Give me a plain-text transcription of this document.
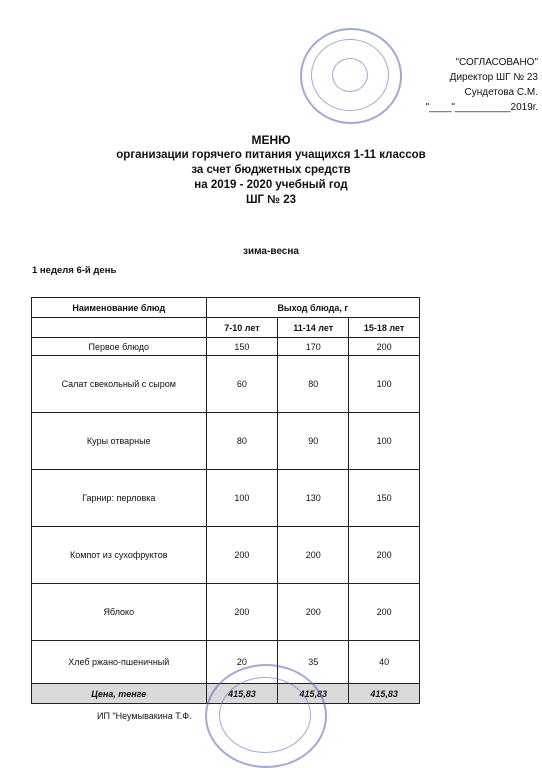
"СОГЛАСОВАНО"
Директор ШГ № 23
Сундетова С.М.
"____"__________2019г.
МЕНЮ
организации горячего питания учащихся 1-11 классов
за счет бюджетных средств
на 2019 - 2020 учебный год
ШГ № 23
зима-весна
1 неделя 6-й день
Наименование блюд	Выход блюда, г		
	7-10 лет	11-14 лет	15-18 лет
Первое блюдо	150	170	200
Салат свекольный с сыром	60	80	100
Куры отварные	80	90	100
Гарнир: перловка	100	130	150
Компот из сухофруктов	200	200	200
Яблоко	200	200	200
Хлеб ржано-пшеничный	20	35	40
Цена, тенге	415,83	415,83	415,83
ИП "Неумывакина Т.Ф.
